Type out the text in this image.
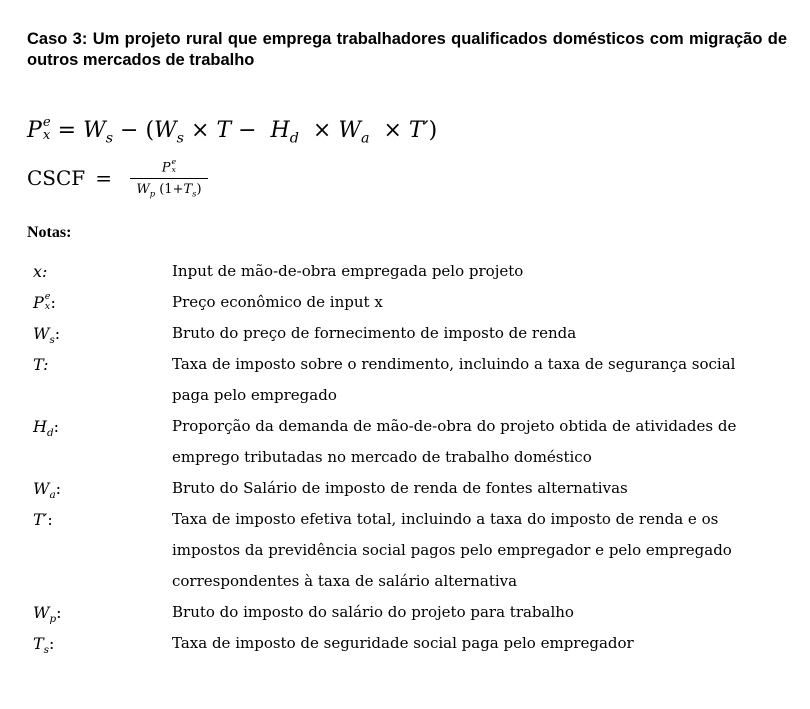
Caso 3: Um projeto rural que emprega trabalhadores qualificados domésticos com migração de outros mercados de trabalho
P e
$x = W_s - (W_s \times T - H_d \times W_a \times T')$
CSCF = P e
x
$W_p$ $(1+T_s)$
Notas:
x:	Input de mão-de-obra empregada pelo projeto
P e
x :	Preço econômico de input x
$W_s$:	Bruto do preço de fornecimento de imposto de renda
T:	Taxa de imposto sobre o rendimento, incluindo a taxa de segurança social paga pelo empregado
$H_d$:	Proporção da demanda de mão-de-obra do projeto obtida de atividades de emprego tributadas no mercado de trabalho doméstico
$W_a$:	Bruto do Salário de imposto de renda de fontes alternativas
T′:	Taxa de imposto efetiva total, incluindo a taxa do imposto de renda e os impostos da previdência social pagos pelo empregador e pelo empregado correspondentes à taxa de salário alternativa
$W_p$:	Bruto do imposto do salário do projeto para trabalho
$T_s$:	Taxa de imposto de seguridade social paga pelo empregador
